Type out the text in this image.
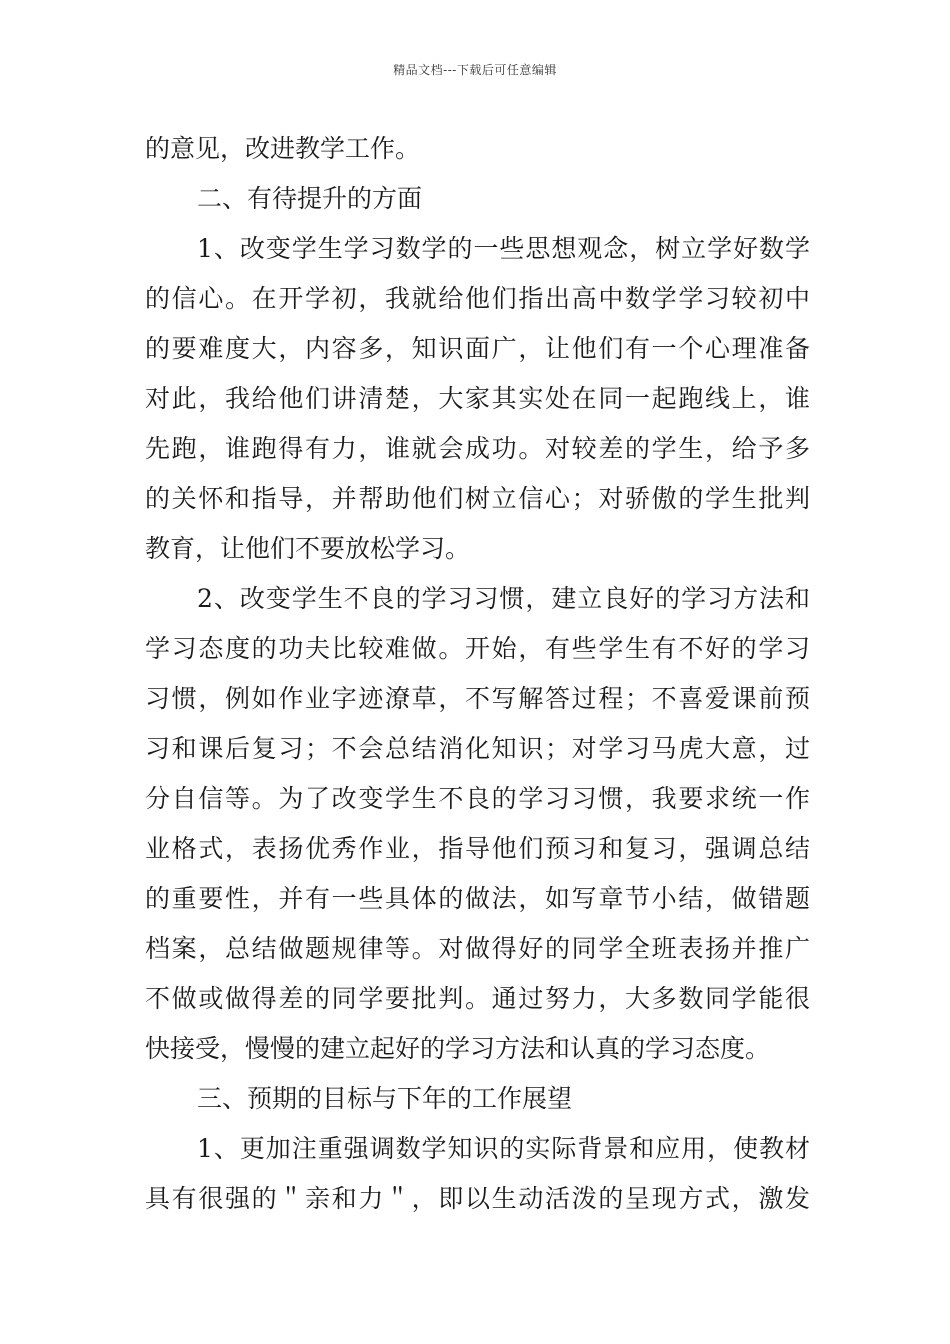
精品文档---下载后可任意编辑
的意见，改进教学工作。
二、有待提升的方面
1、改变学生学习数学的一些思想观念，树立学好数学
的信心。在开学初，我就给他们指出高中数学学习较初中
的要难度大，内容多，知识面广，让他们有一个心理准备
对此，我给他们讲清楚，大家其实处在同一起跑线上，谁
先跑，谁跑得有力，谁就会成功。对较差的学生，给予多
的关怀和指导，并帮助他们树立信心；对骄傲的学生批判
教育，让他们不要放松学习。
2、改变学生不良的学习习惯，建立良好的学习方法和
学习态度的功夫比较难做。开始，有些学生有不好的学习
习惯，例如作业字迹潦草，不写解答过程；不喜爱课前预
习和课后复习；不会总结消化知识；对学习马虎大意，过
分自信等。为了改变学生不良的学习习惯，我要求统一作
业格式，表扬优秀作业，指导他们预习和复习，强调总结
的重要性，并有一些具体的做法，如写章节小结，做错题
档案，总结做题规律等。对做得好的同学全班表扬并推广
不做或做得差的同学要批判。通过努力，大多数同学能很
快接受，慢慢的建立起好的学习方法和认真的学习态度。
三、预期的目标与下年的工作展望
1、更加注重强调数学知识的实际背景和应用，使教材
具有很强的＂亲和力＂，即以生动活泼的呈现方式，激发
